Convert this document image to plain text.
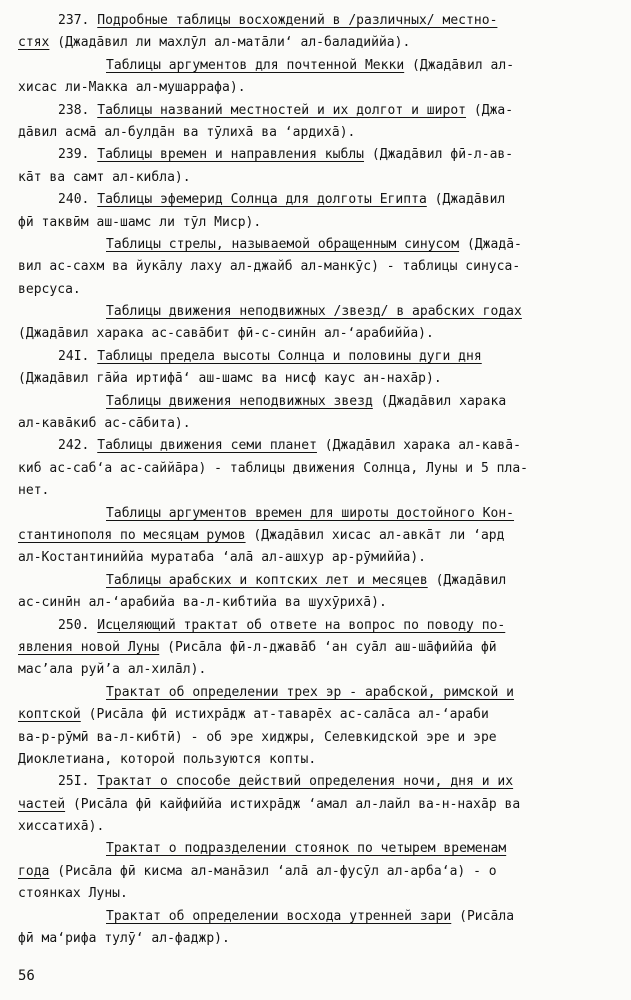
237. Подробные таблицы восхождений в /различных/ местно-
стях (Джада̄вил ли махлӯл ал-мата̄ли‘ ал-баладиййа).
Таблицы аргументов для почтенной Мекки (Джада̄вил ал-
хисас ли-Макка ал-мушаррафа).
238. Таблицы названий местностей и их долгот и широт (Джа-
да̄вил асма̄ ал-булда̄н ва тӯлиха̄ ва ‘ардиха̄).
239. Таблицы времен и направления кыблы (Джада̄вил фӣ-л-ав-
ка̄т ва самт ал-кибла).
240. Таблицы эфемерид Солнца для долготы Египта (Джада̄вил
фӣ таквӣм аш-шамс ли тӯл Миср).
Таблицы стрелы, называемой обращенным синусом (Джада̄-
вил ас-сахм ва йука̄лу лаху ал-джайб ал-манкӯс) - таблицы синуса-
версуса.
Таблицы движения неподвижных /звезд/ в арабских годах
(Джада̄вил харака ас-сава̄бит фӣ-с-синӣн ал-‘арабиййа).
24I. Таблицы предела высоты Солнца и половины дуги дня
(Джада̄вил га̄йа иртифа̄‘ аш-шамс ва нисф каус ан-наха̄р).
Таблицы движения неподвижных звезд (Джада̄вил харака
ал-кава̄киб ас-са̄бита).
242. Таблицы движения семи планет (Джада̄вил харака ал-кава̄-
киб ас-саб‘а ас-саййа̄ра) - таблицы движения Солнца, Луны и 5 пла-
нет.
Таблицы аргументов времен для широты достойного Кон-
стантинополя по месяцам румов (Джада̄вил хисас ал-авка̄т ли ‘ард
ал-Костантиниййа муратаба ‘ала̄ ал-ашхур ар-рӯмиййа).
Таблицы арабских и коптских лет и месяцев (Джада̄вил
ас-синӣн ал-‘арабийа ва-л-кибтийа ва шухӯриха̄).
250. Исцеляющий трактат об ответе на вопрос по поводу по-
явления новой Луны (Риса̄ла фӣ-л-джава̄б ‘ан суа̄л аш-ша̄фиййа фӣ
мас’ала руй’а ал-хила̄л).
Трактат об определении трех эр - арабской, римской и
коптской (Риса̄ла фӣ истихра̄дж ат-таваре̄х ас-сала̄са ал-‘араби
ва-р-рӯмӣ ва-л-кибтӣ) - об эре хиджры, Селевкидской эре и эре
Диоклетиана, которой пользуются копты.
25I. Трактат о способе действий определения ночи, дня и их
частей (Риса̄ла фӣ кайфиййа истихра̄дж ‘амал ал-лайл ва-н-наха̄р ва
хиссатиха̄).
Трактат о подразделении стоянок по четырем временам
года (Риса̄ла фӣ кисма ал-мана̄зил ‘ала̄ ал-фусӯл ал-арба‘а) - о
стоянках Луны.
Трактат об определении восхода утренней зари (Риса̄ла
фӣ ма‘рифа тулӯ‘ ал-фаджр).
56
